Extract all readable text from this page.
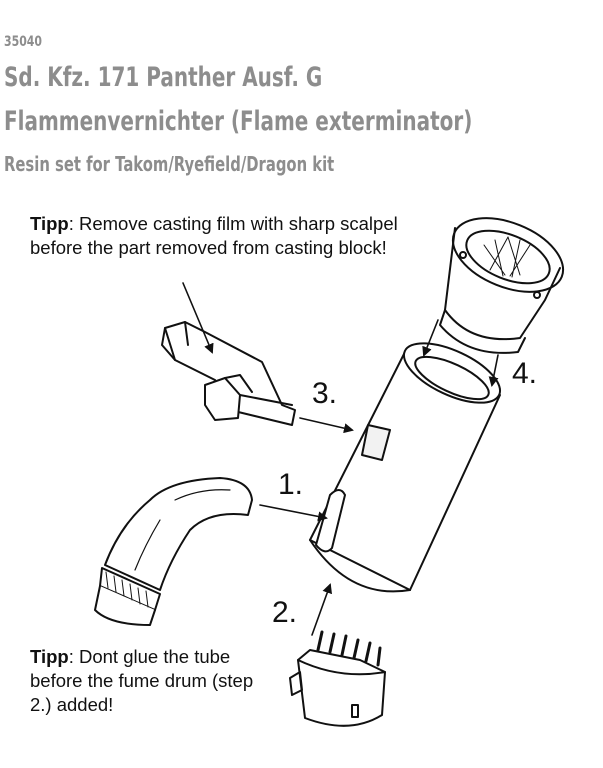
35040
Sd. Kfz. 171 Panther Ausf. G
Flammenvernichter (Flame exterminator)
Resin set for Takom/Ryefield/Dragon kit
Tipp: Remove casting film with sharp scalpel before the part removed from casting block!
Tipp: Dont glue the tube before the fume drum (step 2.) added!
3.
4.
1.
2.
